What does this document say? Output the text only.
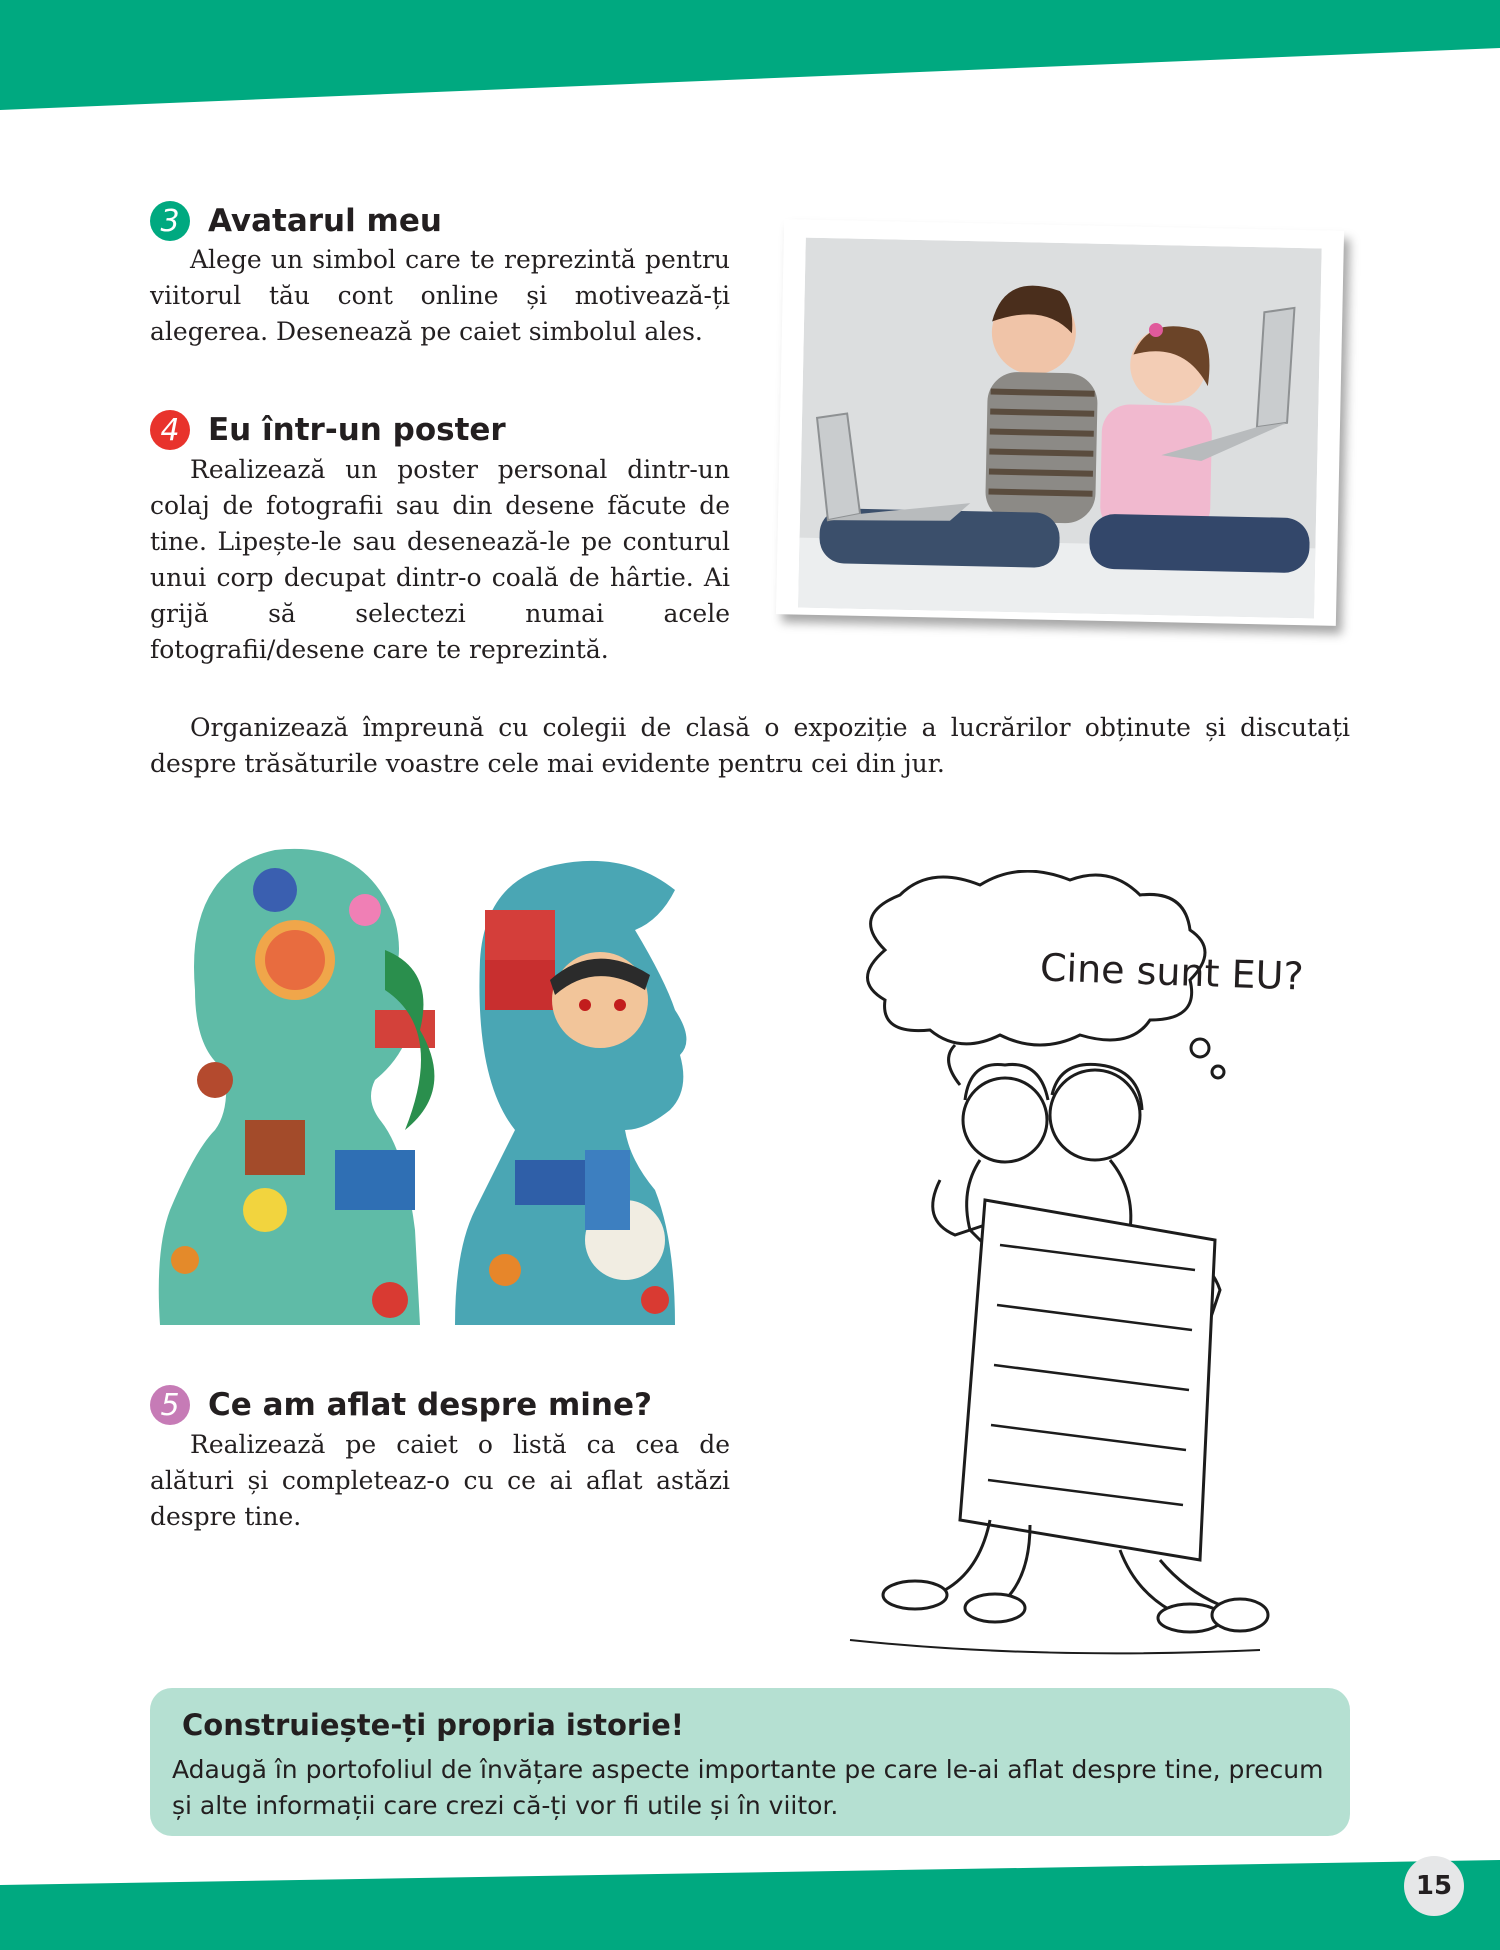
3 Avatarul meu

Alege un simbol care te reprezintă pentru viitorul tău cont online și motivează-ți alegerea. Desenează pe caiet simbolul ales.

4 Eu într-un poster

Realizează un poster personal dintr-un colaj de fotografii sau din desene făcute de tine. Lipește-le sau desenează-le pe conturul unui corp decupat dintr-o coală de hârtie. Ai grijă să selectezi numai acele fotografii/desene care te reprezintă.

Organizează împreună cu colegii de clasă o expoziție a lucrărilor obținute și discutați despre trăsăturile voastre cele mai evidente pentru cei din jur.

Cine sunt EU?
5 Ce am aflat despre mine?

Realizează pe caiet o listă ca cea de alături și completeaz-o cu ce ai aflat astăzi despre tine.

Construiește-ți propria istorie!
Adaugă în portofoliul de învățare aspecte importante pe care le-ai aflat despre tine, precum și alte informații care crezi că-ți vor fi utile și în viitor.
15
